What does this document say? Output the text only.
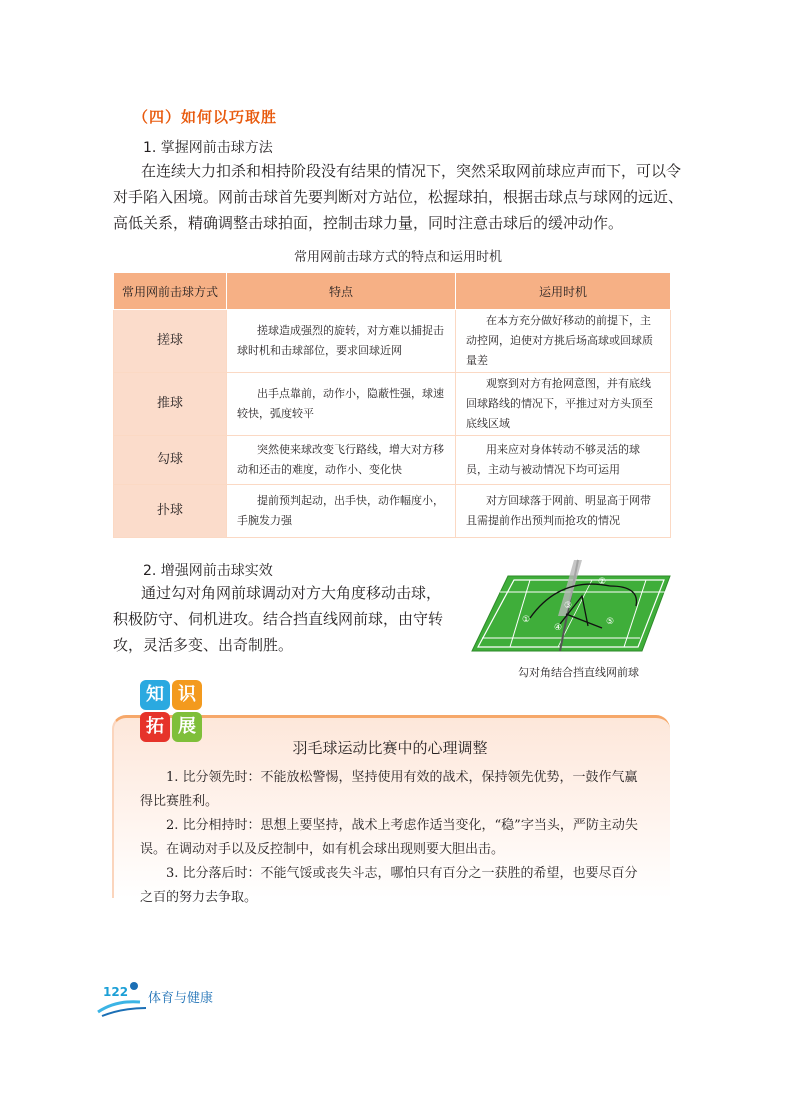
（四）如何以巧取胜
1. 掌握网前击球方法

在连续大力扣杀和相持阶段没有结果的情况下，突然采取网前球应声而下，可以令对手陷入困境。网前击球首先要判断对方站位，松握球拍，根据击球点与球网的远近、高低关系，精确调整击球拍面，控制击球力量，同时注意击球后的缓冲动作。

常用网前击球方式的特点和运用时机
常用网前击球方式	特点	运用时机
搓球	搓球造成强烈的旋转，对方难以捕捉击球时机和击球部位，要求回球近网	在本方充分做好移动的前提下，主动控网，迫使对方挑后场高球或回球质量差
推球	出手点靠前，动作小，隐蔽性强，球速较快，弧度较平	观察到对方有抢网意图，并有底线回球路线的情况下，平推过对方头顶至底线区域
勾球	突然使来球改变飞行路线，增大对方移动和还击的难度，动作小、变化快	用来应对身体转动不够灵活的球员，主动与被动情况下均可运用
扑球	提前预判起动，出手快，动作幅度小，手腕发力强	对方回球落于网前、明显高于网带且需提前作出预判而抢攻的情况
2. 增强网前击球实效

通过勾对角网前球调动对方大角度移动击球，积极防守、伺机进攻。结合挡直线网前球，由守转攻，灵活多变、出奇制胜。

①
②
③
④
⑤
勾对角结合挡直线网前球
知 识
拓 展
羽毛球运动比赛中的心理调整

1. 比分领先时：不能放松警惕，坚持使用有效的战术，保持领先优势，一鼓作气赢得比赛胜利。

2. 比分相持时：思想上要坚持，战术上考虑作适当变化，“稳”字当头，严防主动失误。在调动对手以及反控制中，如有机会球出现则要大胆出击。

3. 比分落后时：不能气馁或丧失斗志，哪怕只有百分之一获胜的希望，也要尽百分之百的努力去争取。

122 体育与健康
